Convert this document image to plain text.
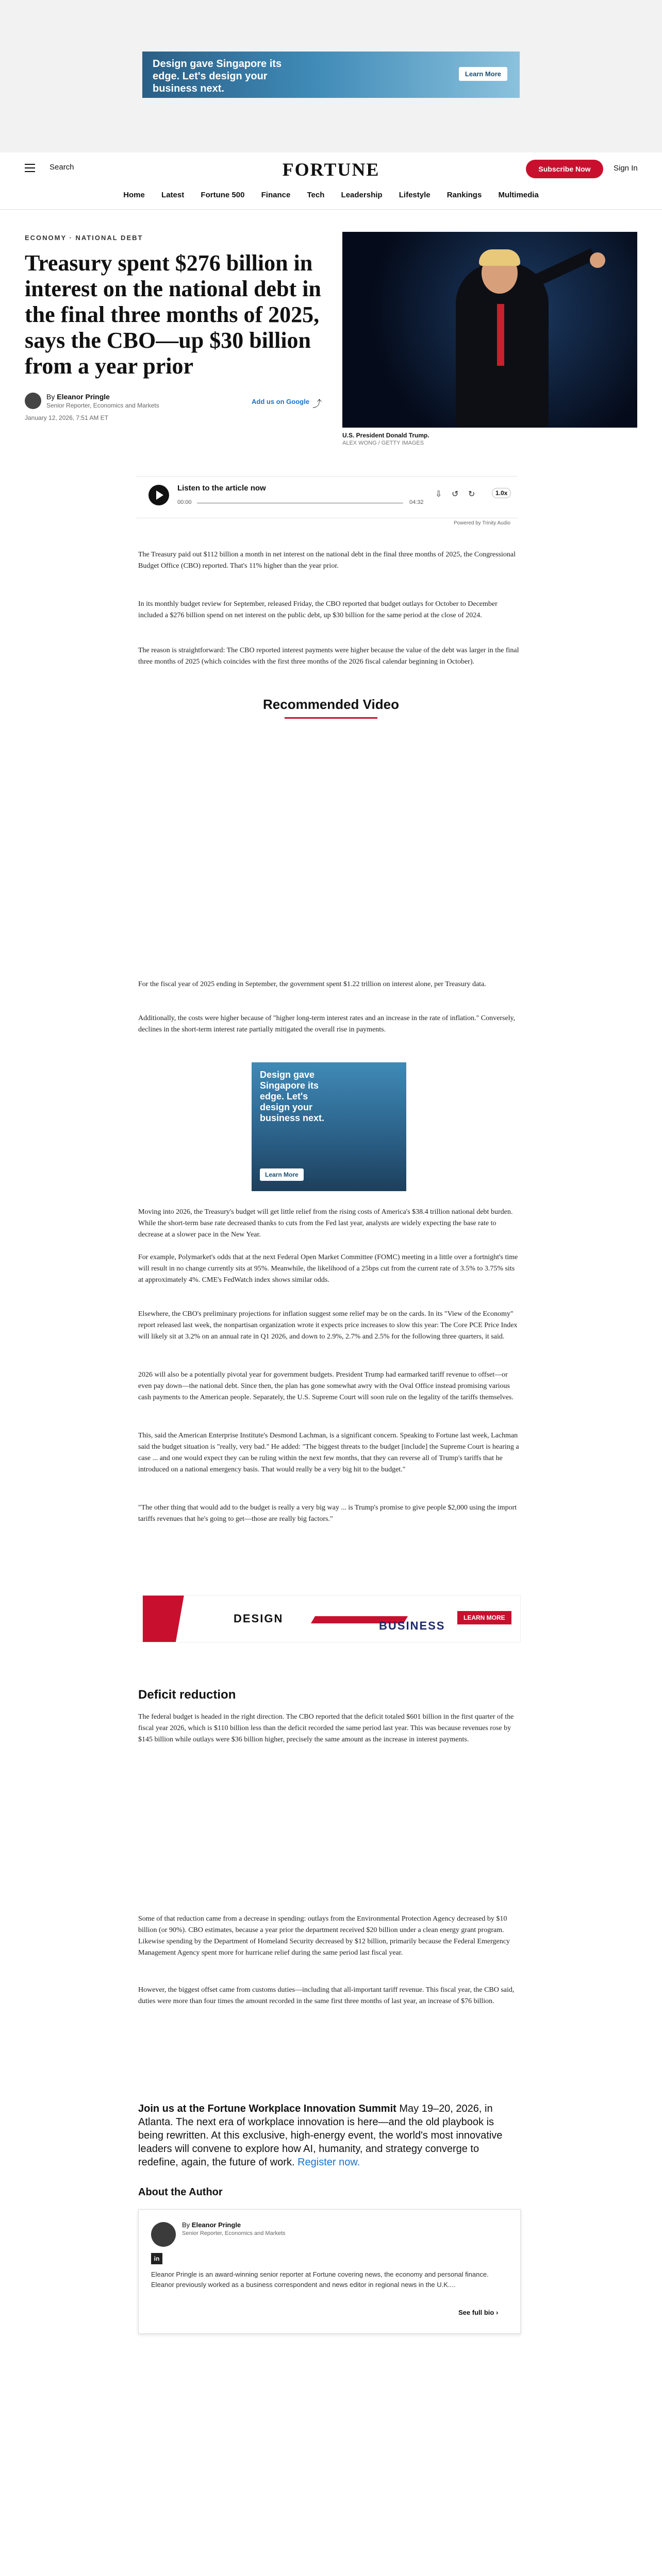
Design gave Singapore its edge. Let's design your business next.
Learn More
Search	FORTUNE	Subscribe Now	Sign In
Home Latest Fortune 500 Finance Tech Leadership Lifestyle Rankings Multimedia
ECONOMY · NATIONAL DEBT
Treasury spent $276 billion in interest on the national debt in the final three months of 2025, says the CBO—up $30 billion from a year prior
By Eleanor Pringle
Senior Reporter, Economics and Markets
January 12, 2026, 7:51 AM ET
Add us on Google ⤴
U.S. President Donald Trump.
ALEX WONG / GETTY IMAGES
Listen to the article now
00:00	04:32
⇩ ↺ ↻	1.0x
Powered by Trinity Audio

The Treasury paid out $112 billion a month in net interest on the national debt in the final three months of 2025, the Congressional Budget Office (CBO) reported. That's 11% higher than the year prior.

In its monthly budget review for September, released Friday, the CBO reported that budget outlays for October to December included a $276 billion spend on net interest on the public debt, up $30 billion for the same period at the close of 2024.

The reason is straightforward: The CBO reported interest payments were higher because the value of the debt was larger in the final three months of 2025 (which coincides with the first three months of the 2026 fiscal calendar beginning in October).

Recommended Video

For the fiscal year of 2025 ending in September, the government spent $1.22 trillion on interest alone, per Treasury data.

Additionally, the costs were higher because of "higher long-term interest rates and an increase in the rate of inflation." Conversely, declines in the short-term interest rate partially mitigated the overall rise in payments.

Design gave Singapore its edge. Let's design your business next.
Learn More

Moving into 2026, the Treasury's budget will get little relief from the rising costs of America's $38.4 trillion national debt burden. While the short-term base rate decreased thanks to cuts from the Fed last year, analysts are widely expecting the base rate to decrease at a slower pace in the New Year.

For example, Polymarket's odds that at the next Federal Open Market Committee (FOMC) meeting in a little over a fortnight's time will result in no change currently sits at 95%. Meanwhile, the likelihood of a 25bps cut from the current rate of 3.5% to 3.75% sits at approximately 4%. CME's FedWatch index shows similar odds.

Elsewhere, the CBO's preliminary projections for inflation suggest some relief may be on the cards. In its "View of the Economy" report released last week, the nonpartisan organization wrote it expects price increases to slow this year: The Core PCE Price Index will likely sit at 3.2% on an annual rate in Q1 2026, and down to 2.9%, 2.7% and 2.5% for the following three quarters, it said.

2026 will also be a potentially pivotal year for government budgets. President Trump had earmarked tariff revenue to offset—or even pay down—the national debt. Since then, the plan has gone somewhat awry with the Oval Office instead promising various cash payments to the American people. Separately, the U.S. Supreme Court will soon rule on the legality of the tariffs themselves.

This, said the American Enterprise Institute's Desmond Lachman, is a significant concern. Speaking to Fortune last week, Lachman said the budget situation is "really, very bad." He added: "The biggest threats to the budget [include] the Supreme Court is hearing a case ... and one would expect they can be ruling within the next few months, that they can reverse all of Trump's tariffs that he introduced on a national emergency basis. That would really be a very big hit to the budget."

"The other thing that would add to the budget is really a very big way ... is Trump's promise to give people $2,000 using the import tariffs revenues that he's going to get—those are really big factors."

DESIGN
BUSINESS
LEARN MORE
Deficit reduction

The federal budget is headed in the right direction. The CBO reported that the deficit totaled $601 billion in the first quarter of the fiscal year 2026, which is $110 billion less than the deficit recorded the same period last year. This was because revenues rose by $145 billion while outlays were $36 billion higher, precisely the same amount as the increase in interest payments.

Some of that reduction came from a decrease in spending: outlays from the Environmental Protection Agency decreased by $10 billion (or 90%). CBO estimates, because a year prior the department received $20 billion under a clean energy grant program. Likewise spending by the Department of Homeland Security decreased by $12 billion, primarily because the Federal Emergency Management Agency spent more for hurricane relief during the same period last fiscal year.

However, the biggest offset came from customs duties—including that all-important tariff revenue. This fiscal year, the CBO said, duties were more than four times the amount recorded in the same first three months of last year, an increase of $76 billion.

Join us at the Fortune Workplace Innovation Summit May 19–20, 2026, in Atlanta. The next era of workplace innovation is here—and the old playbook is being rewritten. At this exclusive, high-energy event, the world's most innovative leaders will convene to explore how AI, humanity, and strategy converge to redefine, again, the future of work. Register now.

About the Author
By Eleanor Pringle
Senior Reporter, Economics and Markets
in
Eleanor Pringle is an award-winning senior reporter at Fortune covering news, the economy and personal finance. Eleanor previously worked as a business correspondent and news editor in regional news in the U.K....
See full bio ›
